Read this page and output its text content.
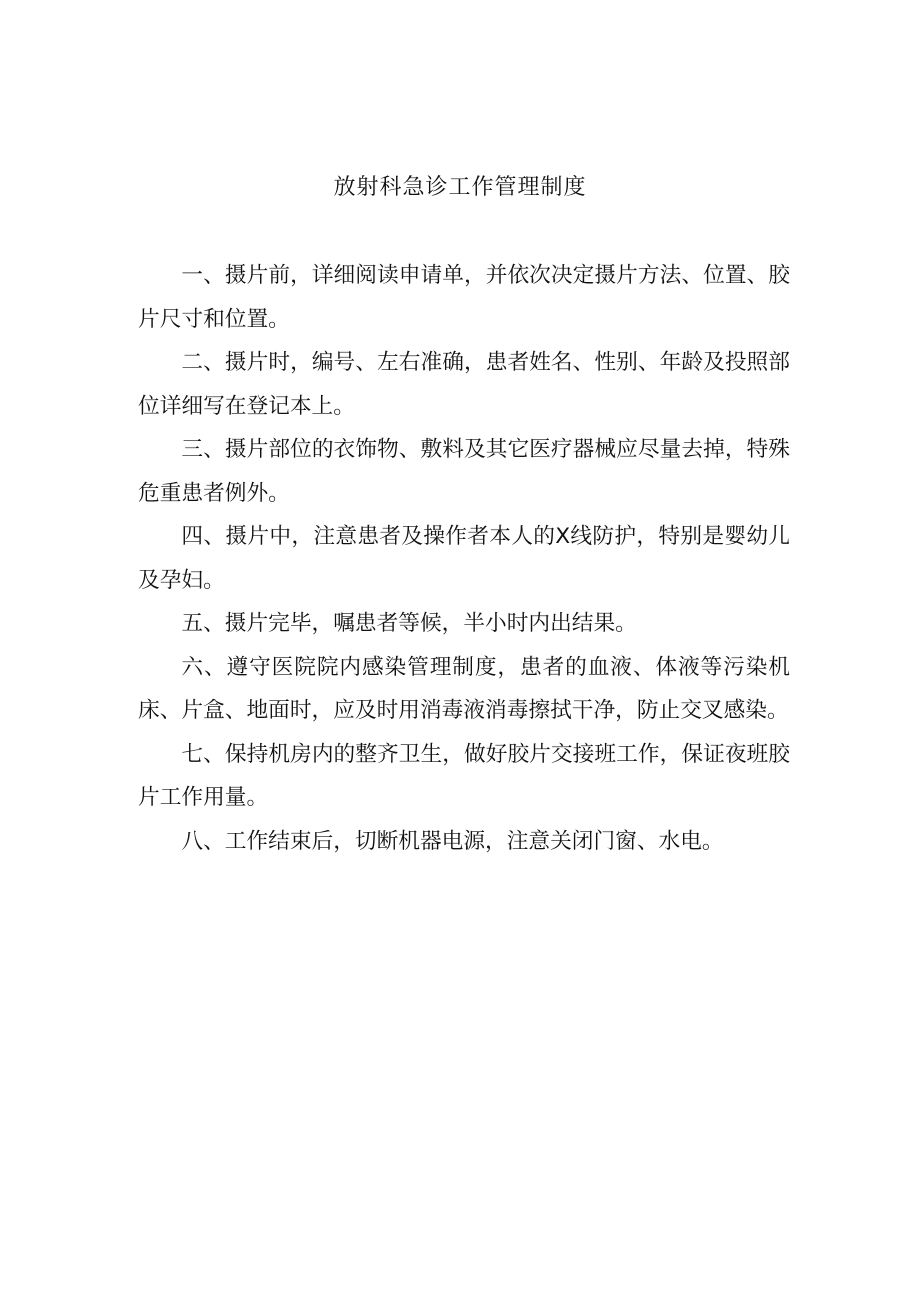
放射科急诊工作管理制度

一、摄片前，详细阅读申请单，并依次决定摄片方法、位置、胶片尺寸和位置。

二、摄片时，编号、左右准确，患者姓名、性别、年龄及投照部位详细写在登记本上。

三、摄片部位的衣饰物、敷料及其它医疗器械应尽量去掉，特殊危重患者例外。

四、摄片中，注意患者及操作者本人的X线防护，特别是婴幼儿及孕妇。

五、摄片完毕，嘱患者等候，半小时内出结果。

六、遵守医院院内感染管理制度，患者的血液、体液等污染机床、片盒、地面时，应及时用消毒液消毒擦拭干净，防止交叉感染。

七、保持机房内的整齐卫生，做好胶片交接班工作，保证夜班胶片工作用量。

八、工作结束后，切断机器电源，注意关闭门窗、水电。
